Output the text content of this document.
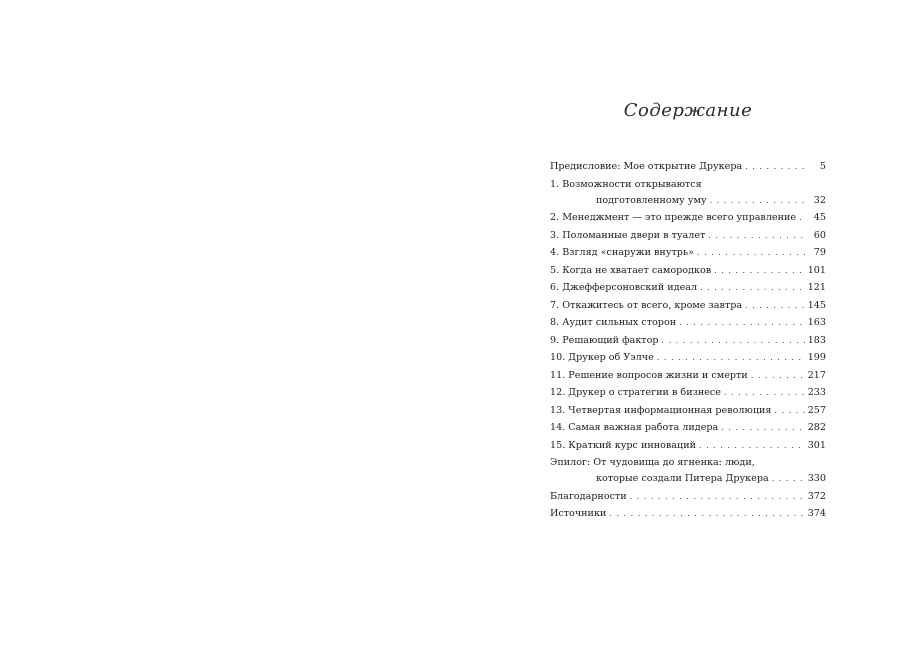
Содержание
Предисловие: Мое открытие Друкера . . .	5
1. Возможности открываются
подготовленному уму . . .	32
2. Менеджмент — это прежде всего управление . . .	45
3. Поломанные двери в туалет . . .	60
4. Взгляд «снаружи внутрь» . . .	79
5. Когда не хватает самородков . . .	101
6. Джефферсоновский идеал . . .	121
7. Откажитесь от всего, кроме завтра . . .	145
8. Аудит сильных сторон . . .	163
9. Решающий фактор . . .	183
10. Друкер об Уэлче . . .	199
11. Решение вопросов жизни и смерти . . .	217
12. Друкер о стратегии в бизнесе . . .	233
13. Четвертая информационная революция . . .	257
14. Самая важная работа лидера . . .	282
15. Краткий курс инноваций . . .	301
Эпилог: От чудовища до ягненка: люди,
которые создали Питера Друкера . . .	330
Благодарности . . .	372
Источники . . .	374
